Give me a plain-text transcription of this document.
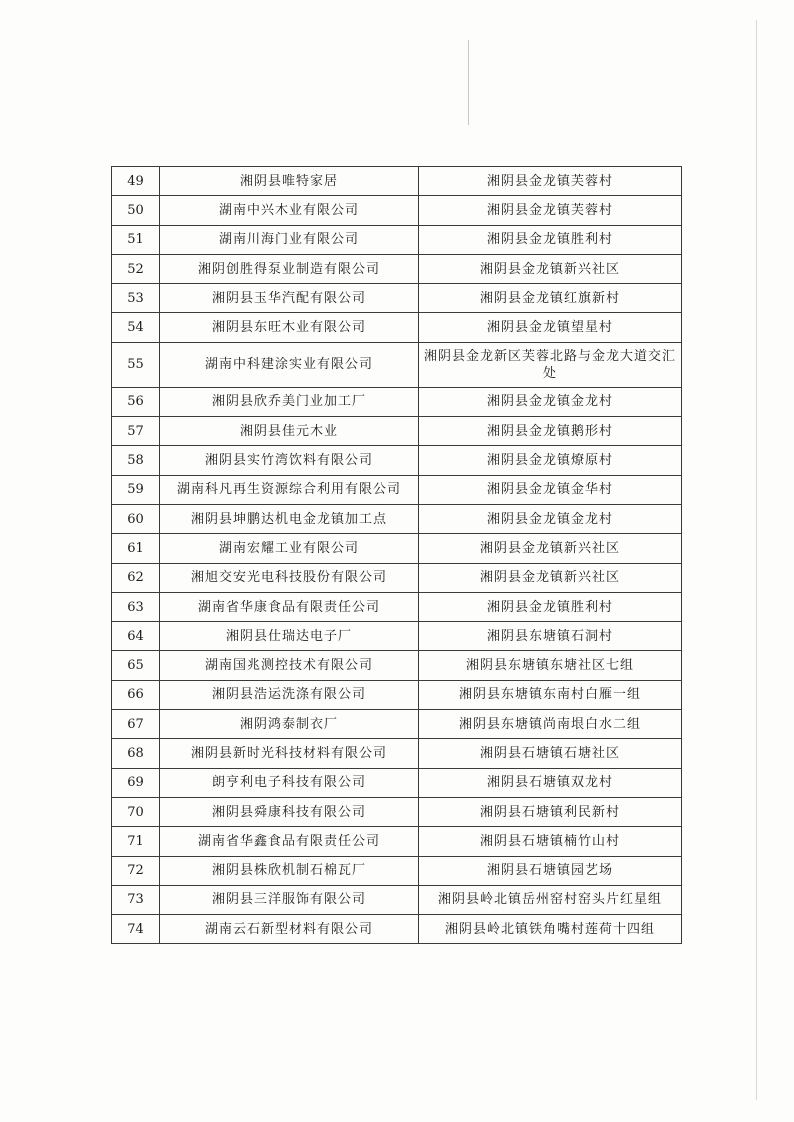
49	湘阴县唯特家居	湘阴县金龙镇芙蓉村
50	湖南中兴木业有限公司	湘阴县金龙镇芙蓉村
51	湖南川海门业有限公司	湘阴县金龙镇胜利村
52	湘阴创胜得泵业制造有限公司	湘阴县金龙镇新兴社区
53	湘阴县玉华汽配有限公司	湘阴县金龙镇红旗新村
54	湘阴县东旺木业有限公司	湘阴县金龙镇望星村
55	湖南中科建涂实业有限公司	湘阴县金龙新区芙蓉北路与金龙大道交汇处
56	湘阴县欣乔美门业加工厂	湘阴县金龙镇金龙村
57	湘阴县佳元木业	湘阴县金龙镇鹅形村
58	湘阴县实竹湾饮料有限公司	湘阴县金龙镇燎原村
59	湖南科凡再生资源综合利用有限公司	湘阴县金龙镇金华村
60	湘阴县坤鹏达机电金龙镇加工点	湘阴县金龙镇金龙村
61	湖南宏耀工业有限公司	湘阴县金龙镇新兴社区
62	湘旭交安光电科技股份有限公司	湘阴县金龙镇新兴社区
63	湖南省华康食品有限责任公司	湘阴县金龙镇胜利村
64	湘阴县仕瑞达电子厂	湘阴县东塘镇石洞村
65	湖南国兆测控技术有限公司	湘阴县东塘镇东塘社区七组
66	湘阴县浩运洗涤有限公司	湘阴县东塘镇东南村白雁一组
67	湘阴鸿泰制衣厂	湘阴县东塘镇尚南垠白水二组
68	湘阴县新时光科技材料有限公司	湘阴县石塘镇石塘社区
69	朗亨利电子科技有限公司	湘阴县石塘镇双龙村
70	湘阴县舜康科技有限公司	湘阴县石塘镇利民新村
71	湖南省华鑫食品有限责任公司	湘阴县石塘镇楠竹山村
72	湘阴县株欣机制石棉瓦厂	湘阴县石塘镇园艺场
73	湘阴县三洋服饰有限公司	湘阴县岭北镇岳州窑村窑头片红星组
74	湖南云石新型材料有限公司	湘阴县岭北镇铁角嘴村莲荷十四组
